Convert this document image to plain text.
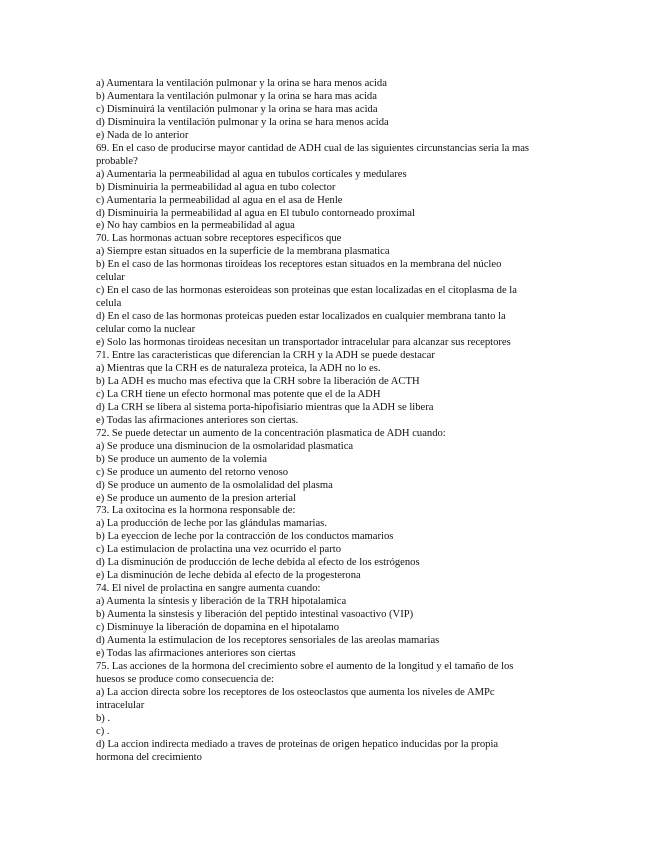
a) Aumentara la ventilación pulmonar y la orina se hara menos acida
b) Aumentara la ventilación pulmonar y la orina se hara mas acida
c) Disminuirá la ventilación pulmonar y la orina se hara mas acida
d) Disminuira la ventilación pulmonar y la orina se hara menos acida
e) Nada de lo anterior
69. En el caso de producirse mayor cantidad de ADH cual de las siguientes circunstancias seria la mas
probable?
a) Aumentaria la permeabilidad al agua en tubulos corticales y medulares
b) Disminuiria la permeabilidad al agua en tubo colector
c) Aumentaria la permeabilidad al agua en el asa de Henle
d) Disminuiria la permeabilidad al agua en El tubulo contorneado proximal
e) No hay cambios en la permeabilidad al agua
70. Las hormonas actuan sobre receptores especificos que
a) Siempre estan situados en la superficie de la membrana plasmatica
b) En el caso de las hormonas tiroideas los receptores estan situados en la membrana del núcleo
celular
c) En el caso de las hormonas esteroideas son proteinas que estan localizadas en el citoplasma de la
celula
d) En el caso de las hormonas proteicas pueden estar localizados en cualquier membrana tanto la
celular como la nuclear
e) Solo las hormonas tiroideas necesitan un transportador intracelular para alcanzar sus receptores
71. Entre las caracteristicas que diferencian la CRH y la ADH se puede destacar
a) Mientras que la CRH es de naturaleza proteica, la ADH no lo es.
b) La ADH es mucho mas efectiva que la CRH sobre la liberación de ACTH
c) La CRH tiene un efecto hormonal mas potente que el de la ADH
d) La CRH se libera al sistema porta-hipofisiario mientras que la ADH se libera
e) Todas las afirmaciones anteriores son ciertas.
72. Se puede detectar un aumento de la concentración plasmatica de ADH cuando:
a) Se produce una disminucion de la osmolaridad plasmatica
b) Se produce un aumento de la volemia
c) Se produce un aumento del retorno venoso
d) Se produce un aumento de la osmolalidad del plasma
e) Se produce un aumento de la presion arterial
73. La oxitocina es la hormona responsable de:
a) La producción de leche por las glándulas mamarias.
b) La eyeccion de leche por la contracción de los conductos mamarios
c) La estimulacion de prolactina una vez ocurrido el parto
d) La disminución de producción de leche debida al efecto de los estrógenos
e) La disminución de leche debida al efecto de la progesterona
74. El nivel de prolactina en sangre aumenta cuando:
a) Aumenta la síntesis y liberación de la TRH hipotalamica
b) Aumenta la sinstesis y liberación del peptido intestinal vasoactivo (VIP)
c) Disminuye la liberación de dopamina en el hipotalamo
d) Aumenta la estimulacion de los receptores sensoriales de las areolas mamarias
e) Todas las afirmaciones anteriores son ciertas
75. Las acciones de la hormona del crecimiento sobre el aumento de la longitud y el tamaño de los
huesos se produce como consecuencia de:
a) La accion directa sobre los receptores de los osteoclastos que aumenta los niveles de AMPc
intracelular
b) .
c) .
d) La accion indirecta mediado a traves de proteinas de origen hepatico inducidas por la propia
hormona del crecimiento
